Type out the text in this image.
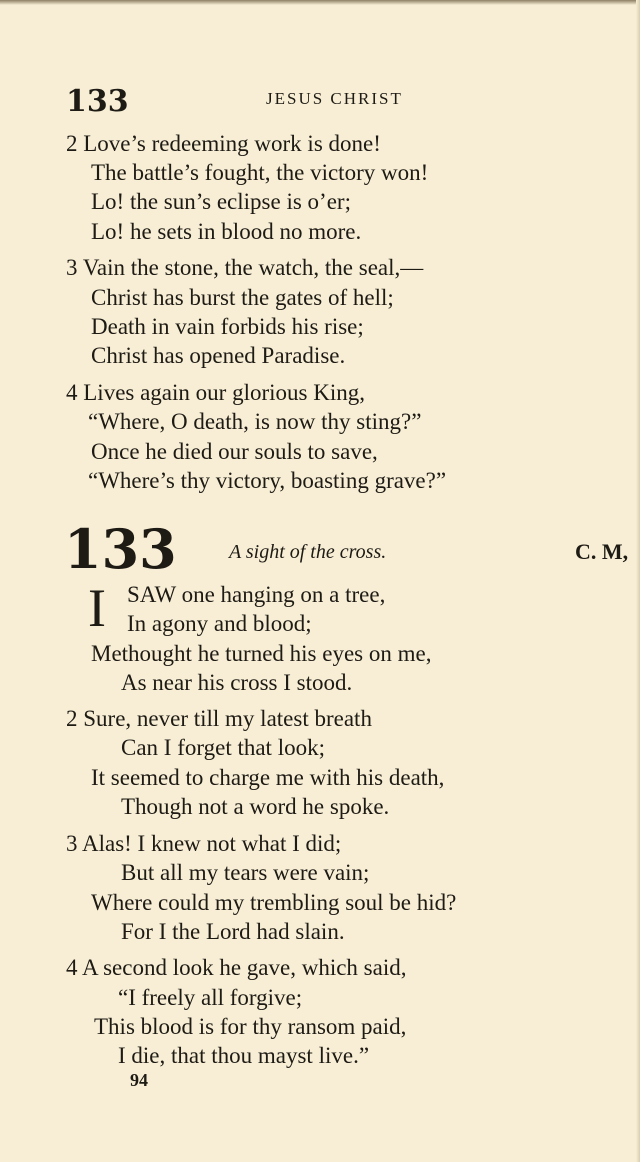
133	JESUS CHRIST
2 Love’s redeeming work is done!
The battle’s fought, the victory won!
Lo! the sun’s eclipse is o’er;
Lo! he sets in blood no more.
3 Vain the stone, the watch, the seal,—
Christ has burst the gates of hell;
Death in vain forbids his rise;
Christ has opened Paradise.
4 Lives again our glorious King,
“Where, O death, is now thy sting?”
Once he died our souls to save,
“Where’s thy victory, boasting grave?”
133	A sight of the cross.	C. M,
I SAW one hanging on a tree,
In agony and blood;
Methought he turned his eyes on me,
As near his cross I stood.
2 Sure, never till my latest breath
Can I forget that look;
It seemed to charge me with his death,
Though not a word he spoke.
3 Alas! I knew not what I did;
But all my tears were vain;
Where could my trembling soul be hid?
For I the Lord had slain.
4 A second look he gave, which said,
“I freely all forgive;
This blood is for thy ransom paid,
I die, that thou mayst live.”
94
